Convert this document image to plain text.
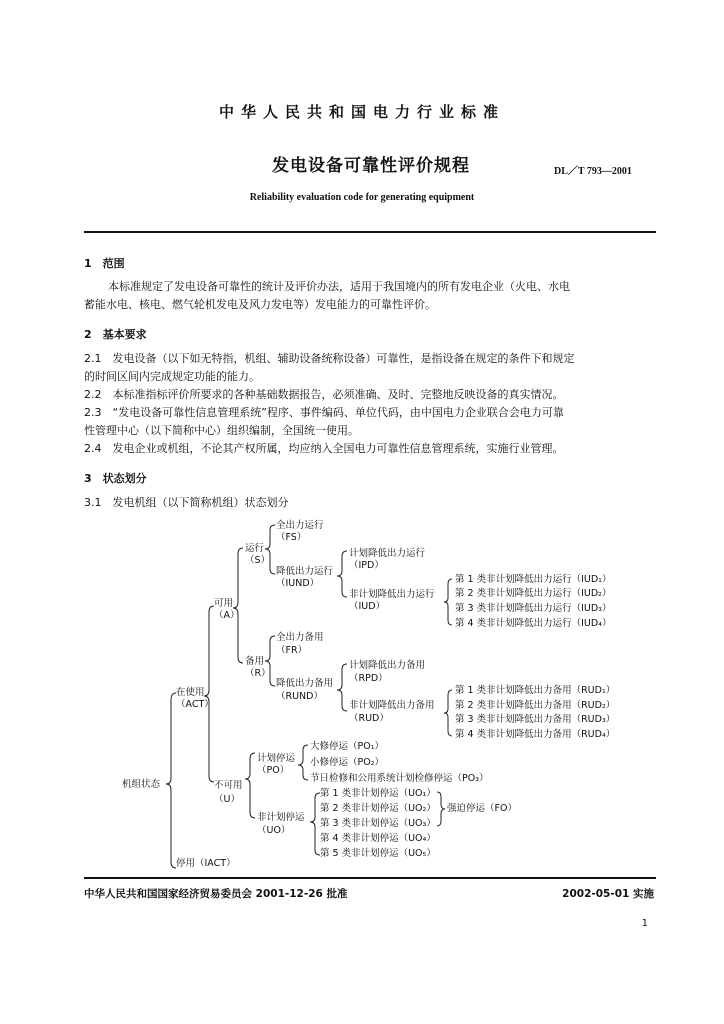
中华人民共和国电力行业标准
发电设备可靠性评价规程	DL／T 793—2001
Reliability evaluation code for generating equipment
1　范围
本标准规定了发电设备可靠性的统计及评价办法，适用于我国境内的所有发电企业（火电、水电
蓄能水电、核电、燃气轮机发电及风力发电等）发电能力的可靠性评价。
2　基本要求
2.1　发电设备（以下如无特指，机组、辅助设备统称设备）可靠性，是指设备在规定的条件下和规定
的时间区间内完成规定功能的能力。
2.2　本标准指标评价所要求的各种基础数据报告，必须准确、及时、完整地反映设备的真实情况。
2.3　“发电设备可靠性信息管理系统”程序、事件编码、单位代码，由中国电力企业联合会电力可靠
性管理中心（以下简称中心）组织编制，全国统一使用。
2.4　发电企业或机组，不论其产权所属，均应纳入全国电力可靠性信息管理系统，实施行业管理。
3　状态划分
3.1　发电机组（以下简称机组）状态划分
机组状态
在使用
（ACT）
停用（IACT）
可用
（A）
不可用
（U）
运行
（S）
全出力运行
（FS）
降低出力运行
（IUND）
计划降低出力运行
（IPD）
非计划降低出力运行
（IUD）
第 1 类非计划降低出力运行（IUD₁）
第 2 类非计划降低出力运行（IUD₂）
第 3 类非计划降低出力运行（IUD₃）
第 4 类非计划降低出力运行（IUD₄）
备用
（R）
全出力备用
（FR）
降低出力备用
（RUND）
计划降低出力备用
（RPD）
非计划降低出力备用
（RUD）
第 1 类非计划降低出力备用（RUD₁）
第 2 类非计划降低出力备用（RUD₂）
第 3 类非计划降低出力备用（RUD₃）
第 4 类非计划降低出力备用（RUD₄）
计划停运
（PO）
大修停运（PO₁）
小修停运（PO₂）
节日检修和公用系统计划检修停运（PO₃）
非计划停运
（UO）
第 1 类非计划停运（UO₁）
第 2 类非计划停运（UO₂）
第 3 类非计划停运（UO₃）
第 4 类非计划停运（UO₄）
第 5 类非计划停运（UO₅）
强迫停运（FO）
中华人民共和国国家经济贸易委员会 2001-12-26 批准	2002-05-01 实施
1
